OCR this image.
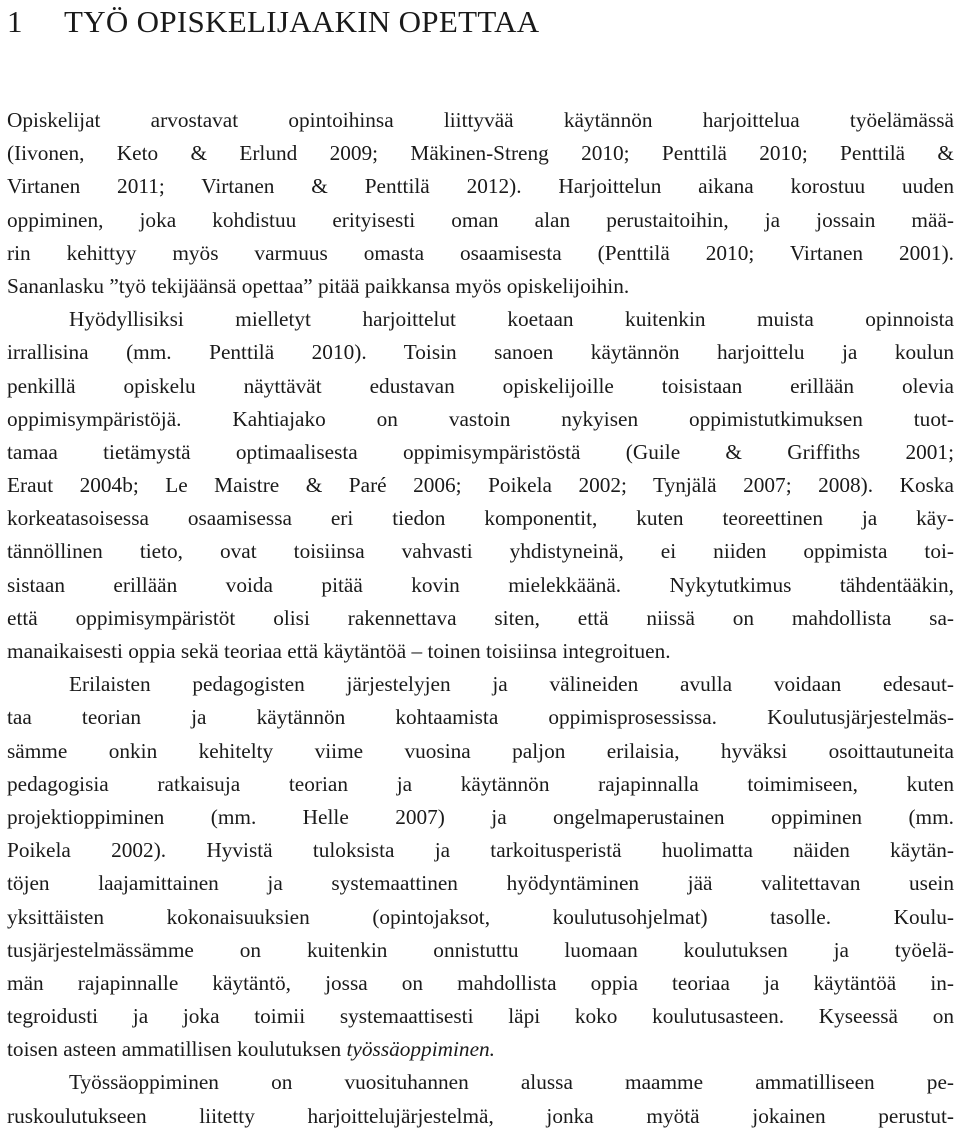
1 TYÖ OPISKELIJAAKIN OPETTAA
Opiskelijat arvostavat opintoihinsa liittyvää käytännön harjoittelua työelämässä
(Iivonen, Keto & Erlund 2009; Mäkinen-Streng 2010; Penttilä 2010; Penttilä &
Virtanen 2011; Virtanen & Penttilä 2012). Harjoittelun aikana korostuu uuden
oppiminen, joka kohdistuu erityisesti oman alan perustaitoihin, ja jossain mää-
rin kehittyy myös varmuus omasta osaamisesta (Penttilä 2010; Virtanen 2001).
Sananlasku ”työ tekijäänsä opettaa” pitää paikkansa myös opiskelijoihin.
Hyödyllisiksi mielletyt harjoittelut koetaan kuitenkin muista opinnoista
irrallisina (mm. Penttilä 2010). Toisin sanoen käytännön harjoittelu ja koulun
penkillä opiskelu näyttävät edustavan opiskelijoille toisistaan erillään olevia
oppimisympäristöjä. Kahtiajako on vastoin nykyisen oppimistutkimuksen tuot-
tamaa tietämystä optimaalisesta oppimisympäristöstä (Guile & Griffiths 2001;
Eraut 2004b; Le Maistre & Paré 2006; Poikela 2002; Tynjälä 2007; 2008). Koska
korkeatasoisessa osaamisessa eri tiedon komponentit, kuten teoreettinen ja käy-
tännöllinen tieto, ovat toisiinsa vahvasti yhdistyneinä, ei niiden oppimista toi-
sistaan erillään voida pitää kovin mielekkäänä. Nykytutkimus tähdentääkin,
että oppimisympäristöt olisi rakennettava siten, että niissä on mahdollista sa-
manaikaisesti oppia sekä teoriaa että käytäntöä – toinen toisiinsa integroituen.
Erilaisten pedagogisten järjestelyjen ja välineiden avulla voidaan edesaut-
taa teorian ja käytännön kohtaamista oppimisprosessissa. Koulutusjärjestelmäs-
sämme onkin kehitelty viime vuosina paljon erilaisia, hyväksi osoittautuneita
pedagogisia ratkaisuja teorian ja käytännön rajapinnalla toimimiseen, kuten
projektioppiminen (mm. Helle 2007) ja ongelmaperustainen oppiminen (mm.
Poikela 2002). Hyvistä tuloksista ja tarkoitusperistä huolimatta näiden käytän-
töjen laajamittainen ja systemaattinen hyödyntäminen jää valitettavan usein
yksittäisten kokonaisuuksien (opintojaksot, koulutusohjelmat) tasolle. Koulu-
tusjärjestelmässämme on kuitenkin onnistuttu luomaan koulutuksen ja työelä-
män rajapinnalle käytäntö, jossa on mahdollista oppia teoriaa ja käytäntöä in-
tegroidusti ja joka toimii systemaattisesti läpi koko koulutusasteen. Kyseessä on
toisen asteen ammatillisen koulutuksen työssäoppiminen.
Työssäoppiminen on vuosituhannen alussa maamme ammatilliseen pe-
ruskoulutukseen liitetty harjoittelujärjestelmä, jonka myötä jokainen perustut-
